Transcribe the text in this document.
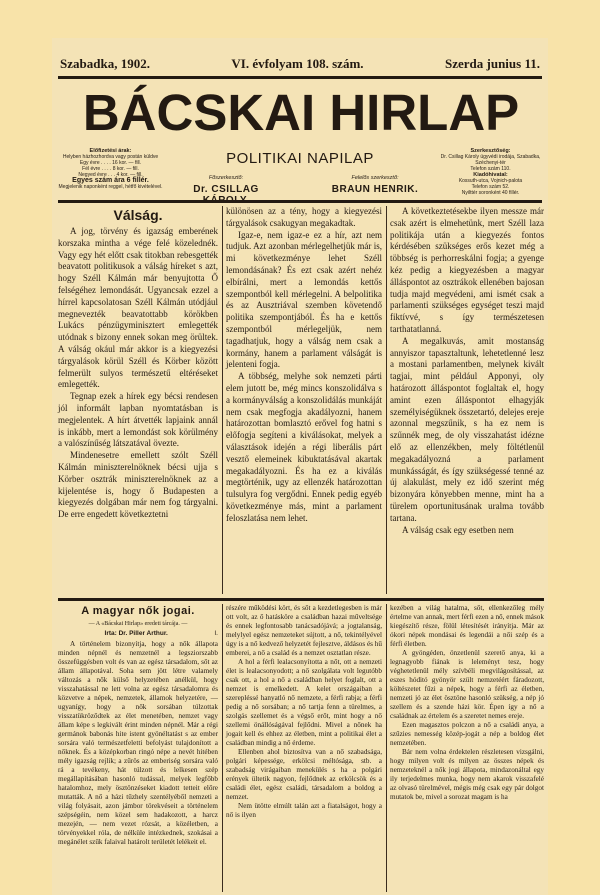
Szabadka, 1902.	VI. évfolyam 108. szám.	Szerda junius 11.
BÁCSKAI HIRLAP
POLITIKAI NAPILAP
Előfizetési árak:
Helyben házhozhordva vagy postán küldve
Egy évre . . . . 16 kor. — fill.
Fél évre . . . . 8 kor. — fill.
Negyed évre . . . 4 kor. — fill.
Egyes szám ára 6 fillér.
Megjelenik naponként reggel, hétfő kivételével.
Szerkesztőség:
Dr. Csillag Károly ügyvédi irodája, Szabadka, Széchenyi-tér
Telefon szám 110.
Kiadóhivatal:
Kossuth-utca, Vojnich-palota
Telefon szám 52.
Nyilttér soronként 40 fillér.
Főszerkesztő:
Dr. CSILLAG
Felelős szerkesztő:
BRAUN HENRIK.
Válság.

A jog, törvény és igazság emberének korszaka mintha a vége felé közelednék. Vagy egy hét előtt csak titokban rebesgették beavatott politikusok a válság híreket s azt, hogy Széll Kálmán már benyujtotta Ő felségéhez lemondását. Ugyancsak ezzel a hírrel kapcsolatosan Széll Kálmán utódjául megnevezték beavatottabb körökben Lukács pénzügyminisztert emlegették utódnak s bizony ennek sokan meg örültek. A válság okául már akkor is a kiegyezési tárgyalások körül Széll és Körber között felmerült sulyos természetű eltéréseket emlegették.

Tegnap ezek a hírek egy bécsi rendesen jól informált lapban nyomtatásban is megjelentek. A hírt átvették lapjaink annál is inkább, mert a lemondást sok körülmény a valószínűség látszatával övezte.

Mindenesetre emellett szólt Széll Kálmán miniszterelnöknek bécsi ujja s Körber osztrák miniszterelnöknek az a kijelentése is, hogy ő Budapesten a kiegyezés dolgában már nem fog tárgyalni. De erre engedett következtetni

különösen az a tény, hogy a kiegyezési tárgyalások csakugyan megakadtak.

Igaz-e, nem igaz-e ez a hír, azt nem tudjuk. Azt azonban mérlegelhetjük már is, mi következménye lehet Széll lemondásának? És ezt csak azért nehéz elbírálni, mert a lemondás kettős szempontból kell mérlegelni. A belpolitika és az Ausztriával szemben követendő politika szempontjából. És ha e kettős szempontból mérlegeljük, nem tagadhatjuk, hogy a válság nem csak a kormány, hanem a parlament válságát is jelenteni fogja.

A többség, melyhe sok nemzeti párti elem jutott be, még mincs konszolidálva s a kormányválság a konszolidálás munkáját nem csak megfogja akadályozni, hanem határozottan bomlasztó erővel fog hatni s előfogja segíteni a kiválásokat, melyek a választások idején a régi liberális párt vesztő elemeinek kibuktatásával akartak megakadályozni. És ha ez a kiválás megtörténik, ugy az ellenzék határozottan tulsulyra fog vergődni. Ennek pedig egyéb következménye más, mint a parlament feloszlatása nem lehet.

A következtetésekbe ilyen messze már csak azért is elmehetünk, mert Széll laza politikája után a kiegyezés fontos kérdésében szükséges erős kezet még a többség is perhorreskálni fogja; a gyenge kéz pedig a kiegyezésben a magyar álláspontot az osztrákok ellenében bajosan tudja majd megvédeni, ami ismét csak a parlamenti szükséges egységet teszi majd fiktívvé, s így természetesen tarthatatlanná.

A megalkuvás, amit mostanság annyiszor tapasztaltunk, lehetetlenné lesz a mostani parlamentben, melynek kivált tagjai, mint például Apponyi, oly határozott álláspontot foglaltak el, hogy amint ezen álláspontot elhagyják személyiségüknek összetartó, delejes ereje azonnal megszűnik, s ha ez nem is szűnnék meg, de oly visszahatást idézne elő az ellenzékben, mely föltétlenül megakadályozná a parlament munkásságát, és így szükségessé tenné az új alakulást, mely ez idő szerint még bizonyára könyebben menne, mint ha a türelem oportunitusának uralma tovább tartana.

A válság csak egy esetben nem

A magyar nők jogai.
— A «Bácskai Hirlap» eredeti tárcája. —
Irta: Dr. Piller Arthur.	I.

A történelem bizonyítja, hogy a nők állapota minden népnél és nemzetnél a legsziorszabb összefüggésben volt és van az egész társadalom, sőt az állam állapotával. Soha sem jött létre valamely változás a nők külső helyzetében anélkül, hogy visszahatással ne lett volna az egész társadalomra és közvetve a népek, nemzetek, államok helyzetére, — ugyanígy, hogy a nők sorsában túlzottak visszatükröződtek az élet menetében, nemzet vagy állam képe s legkivált érint minden népnél. Már a régi germánok babonás hite istent gyönéltatást s az ember sorsára való természetfeletti befolyást tulajdonított a nőknek. És a középkorban ringó népe a nevét hitében mély igazság rejlik; a zűrös az emberiség sorsára való rá a tevékeny, hát túlzott és lelkesen szép megállapításában hasonló tudással, melyek legfőbb hatalomhoz, mely ösztönzéseket kiadott tetteit előre mutatták. A nő a házi tűzhely szentélyéből nemzeti a világ folyásait, azon jámbor törekvéseit a történelem szépségéin, nem közel sem hadakozott, a harcz mezején, — nem vezet rózsát, a közéletben, a törvényekkel róla, de nélküle intézkednek, szokásai a megánélet szűk falaival határolt területét lelékeit el.

részére működési kört, és sőt a kezdetlegesben is már ott volt, az ő hatásköre a családban hazai műveltsége és ennek legfontosabb tanácsadójává; a jogtalanság, melylyel egész nemzeteket sújtott, a nő, tekintélyével úgy is a nő kedvező helyzetét fejlesztve, áldásos és hű emberei, a nő a család és a nemzet osztatlan része.

A hol a férfi lealacsonyította a nőt, ott a nemzeti élet is lealacsonyodott; a nő szolgálata volt legutóbb csak ott, a hol a nő a családban helyet foglalt, ott a nemzet is emelkedett. A kelet országaiban a szerepléssé hanyatló nő nemzete, a férfi rabja; a férfi pedig a nő sorsában; a nő tartja fenn a türelmes, a szolgás szellemet és a végső erőt, mint hogy a nő szellemi önállóságával fejlődni. Mivel a nőnek ha jogait kell és ehhez az életben, mint a politikai élet a családban mindig a nő érdeme.

Ellenben ahol biztosítva van a nő szabadsága, polgári képessége, erkölcsi méltósága, stb. a szabadság virágaiban menekülés s ha a polgári erények ültetik nagyon, fejlődnek az erkölcsök és a családi élet, egész családi, társadalom a boldog a nemzet.

Nem ütötte elmúlt talán azt a fiatalságot, hogy a nő is ilyen

kezében a világ hatalma, sőt, ellenkezőleg mély értelme van annak, mert férfi ezen a nő, ennek mások kiegészítő része, fölül létesítését irányítja. Már az ókori népek mondásai és legendái a női szép és a férfi életben.

A gyöngéden, önzetlenül szerető anya, ki a legnagyobb fiának is leleményt tesz, hogy véghetetlenül mély szívbéli megvilágosítással, az eszes hóditó gyönyör szült nemzetéért fáradozott, költészetet fűzi a népek, hogy a férfi az életben, nemzeti jó az élet ösztöne hasonló szükség, a nép jó szellem és a szende házi kör. Épen így a nő a családnak az értelem és a szeretet nemes ereje.

Ezen magasztos polczon a nő a családi anya, a szűzies nemesség közép-jogát a nép a boldog élet nemzetében.

Bár nem volna érdektelen részletesen vizsgálni, hogy milyen volt és milyen az összes népek és nemzeteknél a nők jogi állapota, mindazonáltal egy ily terjedelmes munka, hogy nem akarok visszafelé az olvasó türelmével, mégis még csak egy pár dolgot mutatok be, mivel a sorozat magam is ha
